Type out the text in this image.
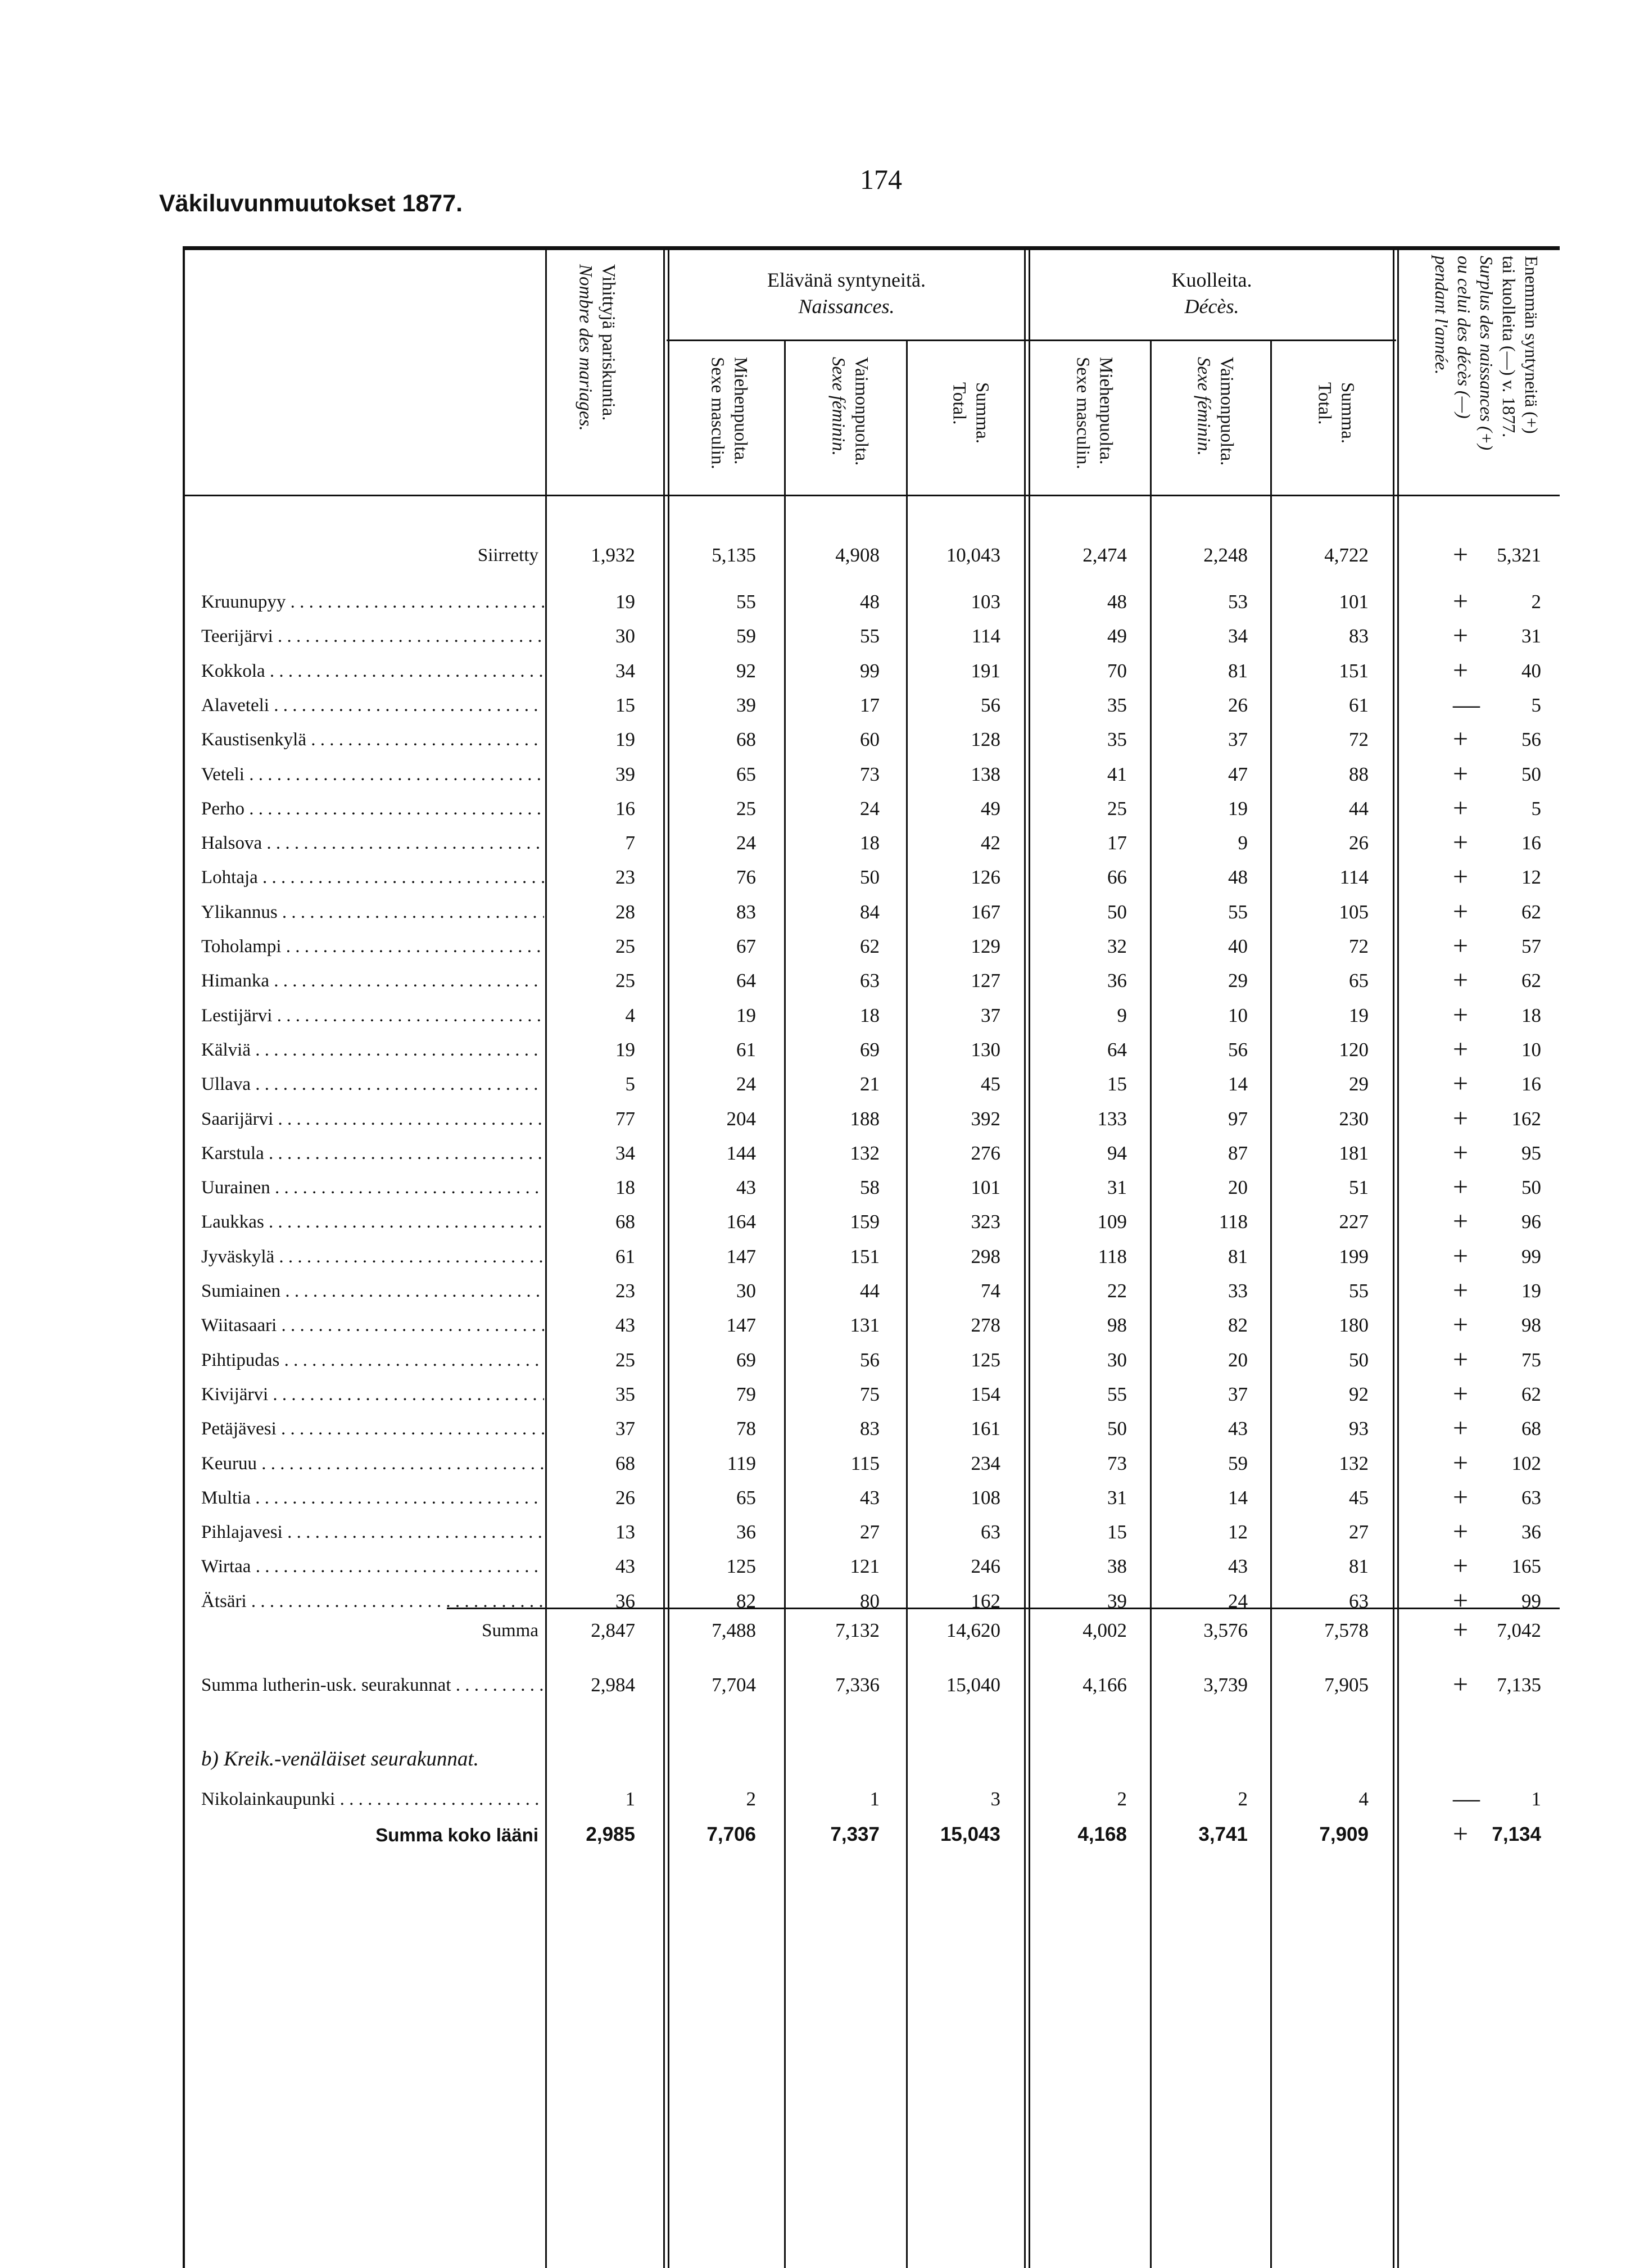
Väkiluvunmuutokset 1877.
174
Vihittyjä pariskuntia.
Nombre des mariages.	Elävänä syntyneitä.
Naissances.
Miehenpuolta.
Sexe masculin.	Vaimonpuolta.
Sexe féminin.	Summa.
Total.
Kuolleita.
Décès.
Miehenpuolta.
Sexe masculin.	Vaimonpuolta.
Sexe féminin.	Summa.
Total.	Enemmän syntyneitä (+)
tai kuolleita (—) v. 1877.
Surplus des naissances (+)
ou celui des décès (—)
pendant l'année.
Siirretty	1,932	5,135	4,908	10,043	2,474	2,248	4,722	+	5,321
Kruunupyy . . .	19	55	48	103	48	53	101	+	2
Teerijärvi . . .	30	59	55	114	49	34	83	+	31
Kokkola . . .	34	92	99	191	70	81	151	+	40
Alaveteli . . .	15	39	17	56	35	26	61	—	5
Kaustisenkylä . . .	19	68	60	128	35	37	72	+	56
Veteli . . .	39	65	73	138	41	47	88	+	50
Perho . . .	16	25	24	49	25	19	44	+	5
Halsova . . .	7	24	18	42	17	9	26	+	16
Lohtaja . . .	23	76	50	126	66	48	114	+	12
Ylikannus . . .	28	83	84	167	50	55	105	+	62
Toholampi . . .	25	67	62	129	32	40	72	+	57
Himanka . . .	25	64	63	127	36	29	65	+	62
Lestijärvi . . .	4	19	18	37	9	10	19	+	18
Kälviä . . .	19	61	69	130	64	56	120	+	10
Ullava . . .	5	24	21	45	15	14	29	+	16
Saarijärvi . . .	77	204	188	392	133	97	230	+	162
Karstula . . .	34	144	132	276	94	87	181	+	95
Uurainen . . .	18	43	58	101	31	20	51	+	50
Laukkas . . .	68	164	159	323	109	118	227	+	96
Jyväskylä . . .	61	147	151	298	118	81	199	+	99
Sumiainen . . .	23	30	44	74	22	33	55	+	19
Wiitasaari . . .	43	147	131	278	98	82	180	+	98
Pihtipudas . . .	25	69	56	125	30	20	50	+	75
Kivijärvi . . .	35	79	75	154	55	37	92	+	62
Petäjävesi . . .	37	78	83	161	50	43	93	+	68
Keuruu . . .	68	119	115	234	73	59	132	+	102
Multia . . .	26	65	43	108	31	14	45	+	63
Pihlajavesi . . .	13	36	27	63	15	12	27	+	36
Wirtaa . . .	43	125	121	246	38	43	81	+	165
Ätsäri . . .	36	82	80	162	39	24	63	+	99
Summa	2,847	7,488	7,132	14,620	4,002	3,576	7,578	+	7,042
Summa lutherin-usk. seurakunnat . . .	2,984	7,704	7,336	15,040	4,166	3,739	7,905	+	7,135
b) Kreik.-venäläiset seurakunnat.
Nikolainkaupunki . . .	1	2	1	3	2	2	4	—	1
Summa koko lääni	2,985	7,706	7,337	15,043	4,168	3,741	7,909	+	7,134
